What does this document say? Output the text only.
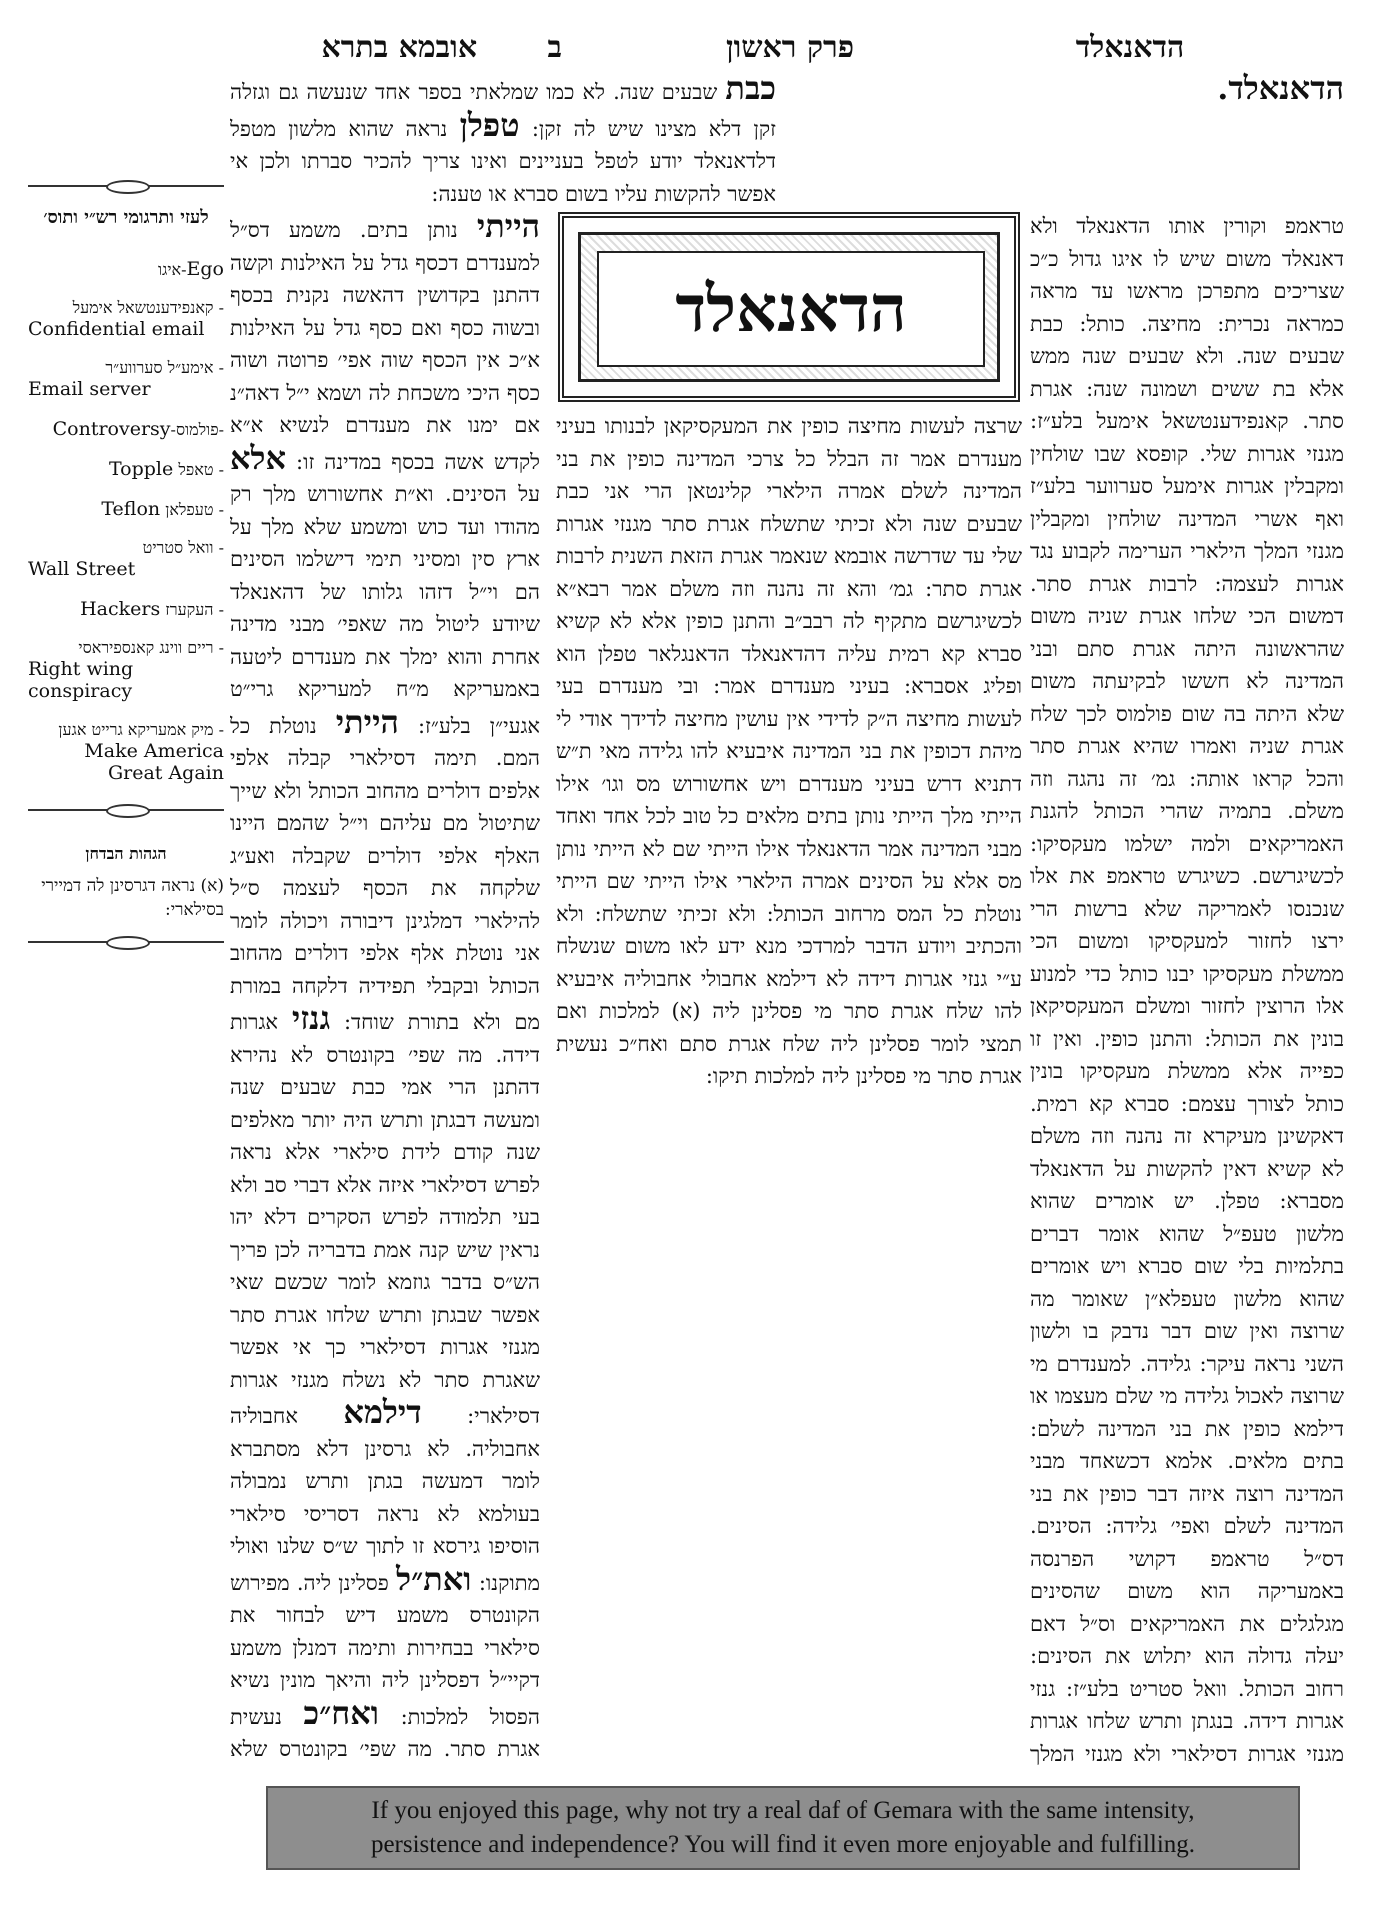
ב אובמא בתרא	פרק ראשון	הדאנאלד
כבת שבעים שנה. לא כמו שמלאתי בספר אחד שנעשה גם וגזלה זקן דלא מצינו שיש לה זקן: טפלן נראה שהוא מלשון מטפל דלדאנאלד יודע לטפל בעניינים ואינו צריך להכיר סברתו ולכן אי אפשר להקשות עליו בשום סברא או טענה:
הייתי נותן בתים. משמע דס״ל למענדרם דכסף גדל על האילנות וקשה דהתנן בקדושין דהאשה נקנית בכסף ובשוה כסף ואם כסף גדל על האילנות א״כ אין הכסף שוה אפי׳ פרוטה ושוה כסף היכי משכחת לה ושמא י״ל דאה״נ אם ימנו את מענדרם לנשיא א״א לקדש אשה בכסף במדינה זו: אלא על הסינים. וא״ת אחשורוש מלך רק מהודו ועד כוש ומשמע שלא מלך על ארץ סין ומסיני תימי דישלמו הסינים הם וי״ל דזהו גלותו של דהאנאלד שיודע ליטול מה שאפי׳ מבני מדינה אחרת והוא ימלך את מענדרם ליטעה באמעריקא מ״ח למעריקא גרי״ט אגעי״ן בלע״ז: הייתי נוטלת כל המם. תימה דסילארי קבלה אלפי אלפים דולרים מהחוב הכותל ולא שייך שתיטול מם עליהם וי״ל שהמם היינו האלף אלפי דולרים שקבלה ואע״ג שלקחה את הכסף לעצמה ס״ל להילארי דמלגינן דיבורה ויכולה לומר אני נוטלת אלף אלפי דולרים מהחוב הכותל ובקבלי תפידיה דלקחה במורת מם ולא בתורת שוחד: גנזי אגרות דידה. מה שפי׳ בקונטרס לא נהירא דהתנן הרי אמי כבת שבעים שנה ומעשה דבגתן ותרש היה יותר מאלפים שנה קודם לידת סילארי אלא נראה לפרש דסילארי איזה אלא דברי סב ולא בעי תלמודה לפרש הסקרים דלא יהו נראין שיש קנה אמת בדבריה לכן פריך הש״ס בדבר גוזמא לומר שכשם שאי אפשר שבגתן ותרש שלחו אגרת סתר מגנזי אגרות דסילארי כך אי אפשר שאגרת סתר לא נשלח מגנזי אגרות דסילארי: דילמא אחבוליה אחבוליה. לא גרסינן דלא מסתברא לומר דמעשה בגתן ותרש נמבולה בעולמא לא נראה דסריסי סילארי הוסיפו גירסא זו לתוך ש״ס שלנו ואולי מתוקנו: ואת״ל פסלינן ליה. מפירוש הקונטרס משמע דיש לבחור את סילארי בבחירות ותימה דמנלן משמע דקיי״ל דפסלינן ליה והיאך מונין נשיא הפסול למלכות: ואח״כ נעשית אגרת סתר. מה שפי׳ בקונטרס שלא
הדאנאלד.
טראמפ וקורין אותו הדאנאלד ולא דאנאלד משום שיש לו איגו גדול כ״כ שצריכים מתפרכן מראשו עד מראה כמראה נכרית: מחיצה. כותל: כבת שבעים שנה. ולא שבעים שנה ממש אלא בת ששים ושמונה שנה: אגרת סתר. קאנפידענטשאל אימעל בלע״ז: מגנזי אגרות שלי. קופסא שבו שולחין ומקבלין אגרות אימעל סערווער בלע״ז ואף אשרי המדינה שולחין ומקבלין מגנזי המלך הילארי הערימה לקבוע נגד אגרות לעצמה: לרבות אגרת סתר. דמשום הכי שלחו אגרת שניה משום שהראשונה היתה אגרת סתם ובני המדינה לא חששו לבקיעתה משום שלא היתה בה שום פולמוס לכך שלח אגרת שניה ואמרו שהיא אגרת סתר והכל קראו אותה: גמ׳ זה נהגה וזה משלם. בתמיה שהרי הכותל להגנת האמריקאים ולמה ישלמו מעקסיקו: לכשיגרשם. כשיגרש טראמפ את אלו שנכנסו לאמריקה שלא ברשות הרי ירצו לחזור למעקסיקו ומשום הכי ממשלת מעקסיקו יבנו כותל כדי למנוע אלו הרוצין לחזור ומשלם המעקסיקאן בונין את הכותל: והתנן כופין. ואין זו כפייה אלא ממשלת מעקסיקו בונין כותל לצורך עצמם: סברא קא רמית. דאקשינן מעיקרא זה נהנה וזה משלם לא קשיא דאין להקשות על הדאנאלד מסברא: טפלן. יש אומרים שהוא מלשון טעפ״ל שהוא אומר דברים בתלמיות בלי שום סברא ויש אומרים שהוא מלשון טעפלא״ן שאומר מה שרוצה ואין שום דבר נדבק בו ולשון השני נראה עיקר: גלידה. למענדרם מי שרוצה לאכול גלידה מי שלם מעצמו או דילמא כופין את בני המדינה לשלם: בתים מלאים. אלמא דכשאחד מבני המדינה רוצה איזה דבר כופין את בני המדינה לשלם ואפי׳ גלידה: הסינים. דס״ל טראמפ דקושי הפרנסה באמעריקה הוא משום שהסינים מגלגלים את האמריקאים וס״ל דאם יעלה גדולה הוא יתלוש את הסינים: רחוב הכותל. וואל סטריט בלע״ז: גנזי אגרות דידה. בנגתן ותרש שלחו אגרות מגנזי אגרות דסילארי ולא מגנזי המלך
הדאנאלד
שרצה לעשות מחיצה כופין את המעקסיקאן לבנותו בעיני מענדרם אמר זה הבלל כל צרכי המדינה כופין את בני המדינה לשלם אמרה הילארי קלינטאן הרי אני כבת שבעים שנה ולא זכיתי שתשלח אגרת סתר מגנזי אגרות שלי עד שדרשה אובמא שנאמר אגרת הזאת השנית לרבות אגרת סתר: גמ׳ והא זה נהנה וזה משלם אמר רבא״א לכשיגרשם מתקיף לה רבב״ב והתנן כופין אלא לא קשיא סברא קא רמית עליה דהדאנאלד הדאנגלאר טפלן הוא ופליג אסברא: בעיני מענדרם אמר: ובי מענדרם בעי לעשות מחיצה ה״ק לדידי אין עושין מחיצה לדידך אודי לי מיהת דכופין את בני המדינה איבעיא להו גלידה מאי ת״ש דתניא דרש בעיני מענדרם ויש אחשורוש מס וגו׳ אילו הייתי מלך הייתי נותן בתים מלאים כל טוב לכל אחד ואחד מבני המדינה אמר הדאנאלד אילו הייתי שם לא הייתי נותן מס אלא על הסינים אמרה הילארי אילו הייתי שם הייתי נוטלת כל המס מרחוב הכותל: ולא זכיתי שתשלח: ולא והכתיב ויודע הדבר למרדכי מנא ידע לאו משום שנשלח ע״י גנזי אגרות דידה לא דילמא אחבולי אחבוליה איבעיא להו שלח אגרת סתר מי פסלינן ליה (א) למלכות ואם תמצי לומר פסלינן ליה שלח אגרת סתם ואח״כ נעשית אגרת סתר מי פסלינן ליה למלכות תיקו:
לעזי ותרגומי רש״י ותוס׳
איגו-Ego
קאנפידענטשאל אימעל -
Confidential email
אימע״ל סערווע״ר -
Email server
Controversy-פולמוס-
Topple טאפל -
Teflon טעפלאן -
וואל סטריט -
Wall Street
Hackers העקערז -
ריים ווינג קאנספיראסי -
Right wing conspiracy
מיק אמעריקא גרייט אגען -
Make America Great Again
הגהות הבדחן
(א) נראה דגרסינן לה דמיירי בסילארי:
If you enjoyed this page, why not try a real daf of Gemara with the same intensity,
persistence and independence? You will find it even more enjoyable and fulfilling.
